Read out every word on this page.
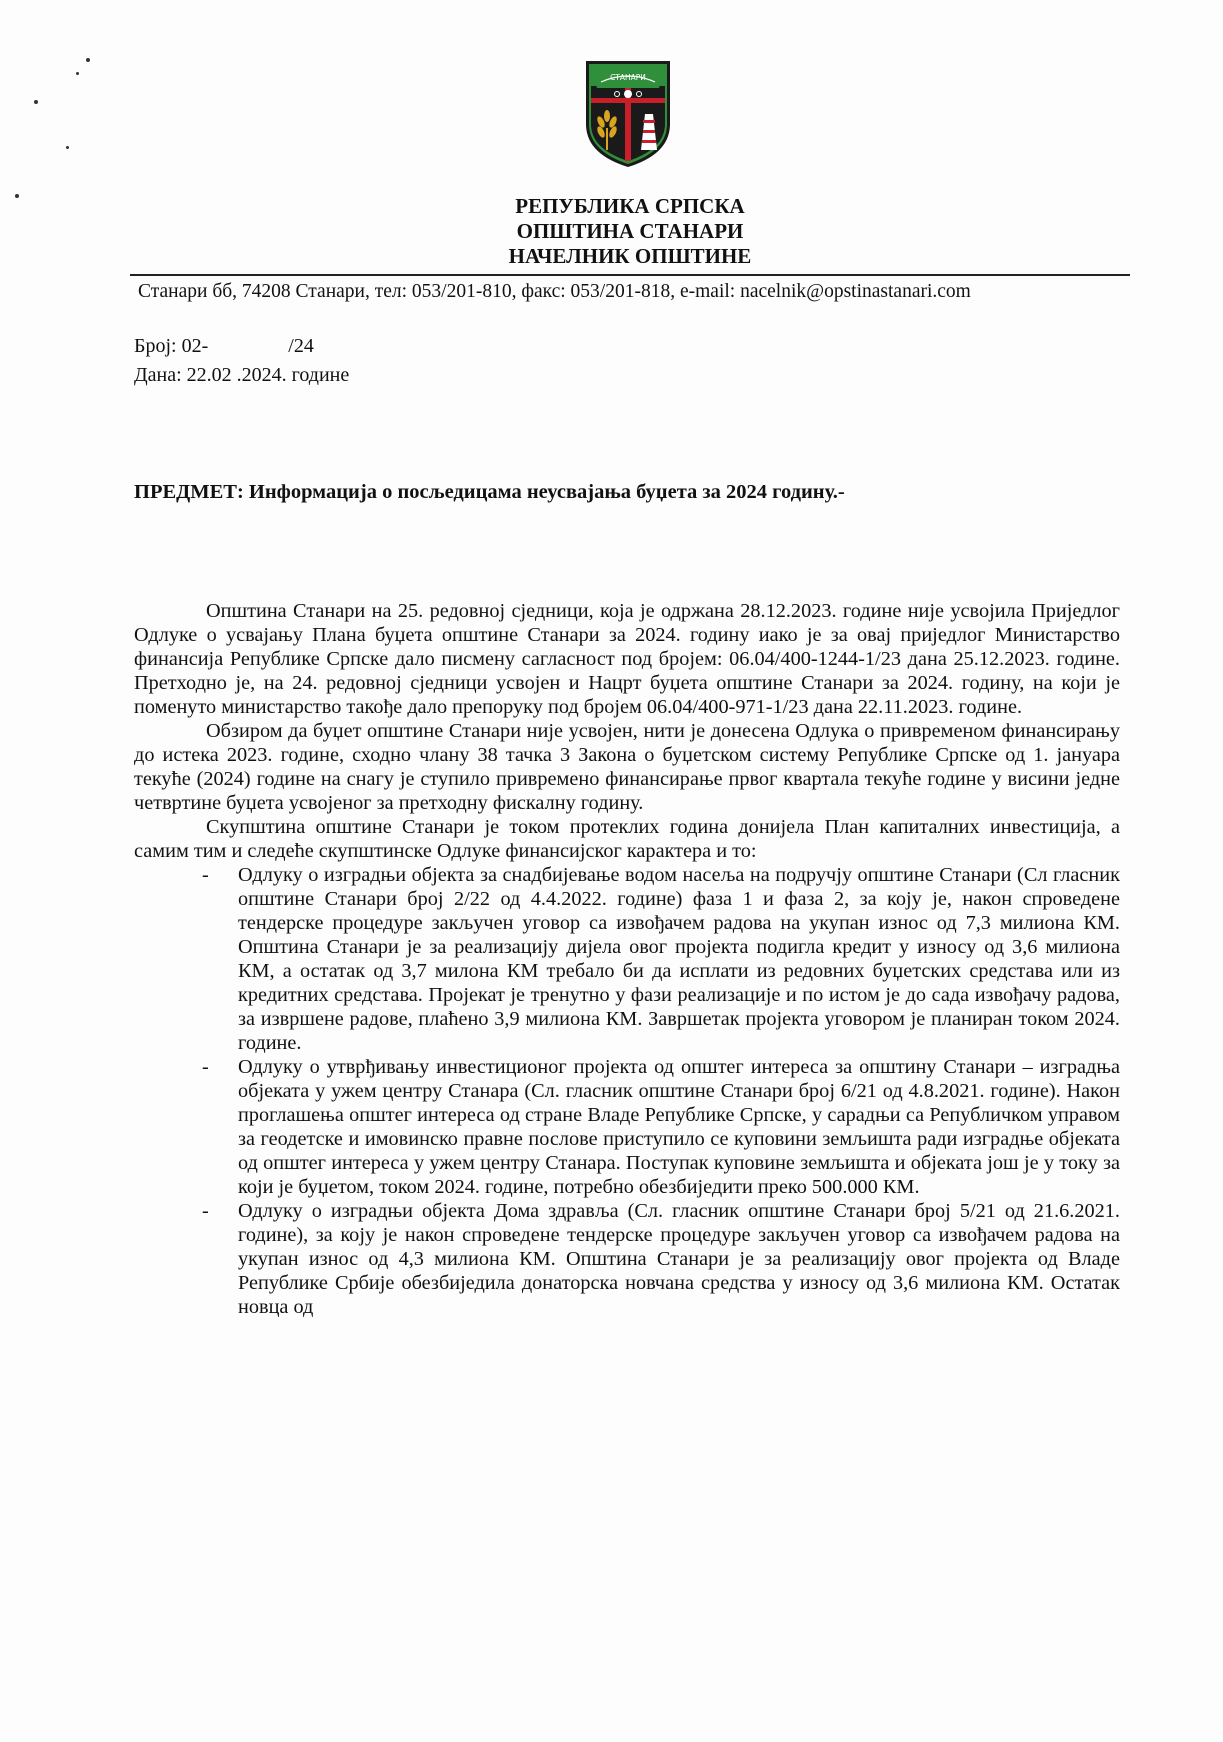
СТАНАРИ
РЕПУБЛИКА СРПСКА
ОПШТИНА СТАНАРИ
НАЧЕЛНИК ОПШТИНЕ
Станари бб, 74208 Станари, тел: 053/201-810, факс: 053/201-818, e-mail: nacelnik@opstinastanari.com
Број: 02-                /24
Дана: 22.02 .2024. године
ПРЕДМЕТ: Информација о посљедицама неусвајања буџета за 2024 годину.-

Општина Станари на 25. редовној сједници, која је одржана 28.12.2023. године није усвојила Приједлог Одлуке о усвајању Плана буџета општине Станари за 2024. годину иако је за овај приједлог Министарство финансија Републике Српске дало писмену сагласност под бројем: 06.04/400-1244-1/23 дана 25.12.2023. године. Претходно је, на 24. редовној сједници усвојен и Нацрт буџета општине Станари за 2024. годину, на који је поменуто министарство такође дало препоруку под бројем 06.04/400-971-1/23 дана 22.11.2023. године.

Обзиром да буџет општине Станари није усвојен, нити је донесена Одлука о привременом финансирању до истека 2023. године, сходно члану 38 тачка 3 Закона о буџетском систему Републике Српске од 1. јануара текуће (2024) године на снагу је ступило привремено финансирање првог квартала текуће године у висини једне четвртине буџета усвојеног за претходну фискалну годину.

Скупштина општине Станари је током протеклих година донијела План капиталних инвестиција, а самим тим и следеће скупштинске Одлуке финансијског карактера и то:

- Одлуку о изградњи објекта за снадбијевање водом насеља на подручју општине Станари (Сл гласник општине Станари број 2/22 од 4.4.2022. године) фаза 1 и фаза 2, за коју је, након спроведене тендерске процедуре закључен уговор са извођачем радова на укупан износ од 7,3 милиона КМ. Општина Станари је за реализацију дијела овог пројекта подигла кредит у износу од 3,6 милиона КМ, а остатак од 3,7 милона КМ требало би да исплати из редовних буџетских средстава или из кредитних средстава. Пројекат је тренутно у фази реализације и по истом је до сада извођачу радова, за извршене радове, плаћено 3,9 милиона КМ. Завршетак пројекта уговором је планиран током 2024. године.
- Одлуку о утврђивању инвестиционог пројекта од општег интереса за општину Станари – изградња објеката у ужем центру Станара (Сл. гласник општине Станари број 6/21 од 4.8.2021. године). Након проглашења општег интереса од стране Владе Републике Српске, у сарадњи са Републичком управом за геодетске и имовинско правне послове приступило се куповини земљишта ради изградње објеката од општег интереса у ужем центру Станара. Поступак куповине земљишта и објеката још је у току за који је буџетом, током 2024. године, потребно обезбиједити преко 500.000 КМ.
- Одлуку о изградњи објекта Дома здравља (Сл. гласник општине Станари број 5/21 од 21.6.2021. године), за коју је након спроведене тендерске процедуре закључен уговор са извођачем радова на укупан износ од 4,3 милиона КМ. Општина Станари је за реализацију овог пројекта од Владе Републике Србије обезбиједила донаторска новчана средства у износу од 3,6 милиона КМ. Остатак новца од
